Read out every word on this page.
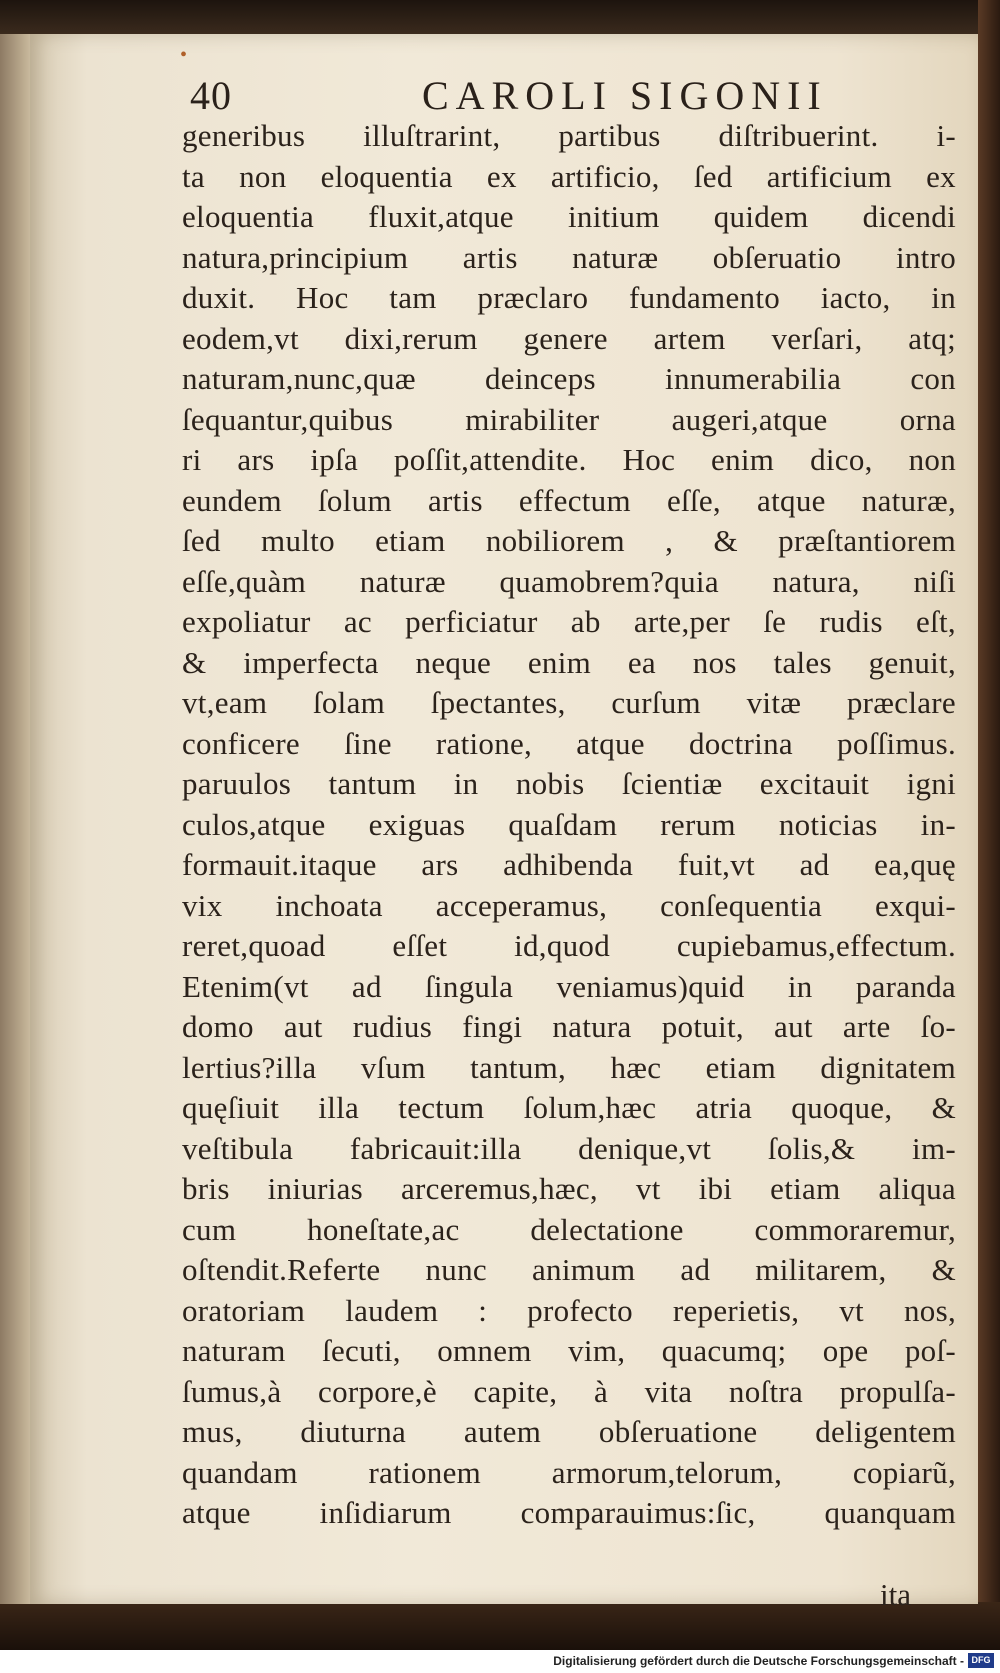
•
40	CAROLI SIGONII
generibus illuſtrarint, partibus diſtribuerint. i-
ta non eloquentia ex artificio, ſed artificium ex
eloquentia fluxit,atque initium quidem dicendi
natura,principium artis naturæ obſeruatio intro
duxit. Hoc tam præclaro fundamento iacto, in
eodem,vt dixi,rerum genere artem verſari, atq;
naturam,nunc,quæ deinceps innumerabilia con
ſequantur,quibus mirabiliter augeri,atque orna
ri ars ipſa poſſit,attendite. Hoc enim dico, non
eundem ſolum artis effectum eſſe, atque naturæ,
ſed multo etiam nobiliorem , & præſtantiorem
eſſe,quàm naturæ quamobrem?quia natura, niſi
expoliatur ac perficiatur ab arte,per ſe rudis eſt,
& imperfecta neque enim ea nos tales genuit,
vt,eam ſolam ſpectantes, curſum vitæ præclare
conficere ſine ratione, atque doctrina poſſimus.
paruulos tantum in nobis ſcientiæ excitauit igni
culos,atque exiguas quaſdam rerum noticias in-
formauit.itaque ars adhibenda fuit,vt ad ea,quę
vix inchoata acceperamus, conſequentia exqui-
reret,quoad eſſet id,quod cupiebamus,effectum.
Etenim(vt ad ſingula veniamus)quid in paranda
domo aut rudius fingi natura potuit, aut arte ſo-
lertius?illa vſum tantum, hæc etiam dignitatem
quęſiuit illa tectum ſolum,hæc atria quoque, &
veſtibula fabricauit:illa denique,vt ſolis,& im-
bris iniurias arceremus,hæc, vt ibi etiam aliqua
cum honeſtate,ac delectatione commoraremur,
oſtendit.Referte nunc animum ad militarem, &
oratoriam laudem : profecto reperietis, vt nos,
naturam ſecuti, omnem vim, quacumq; ope poſ-
ſumus,à corpore,è capite, à vita noſtra propulſa-
mus, diuturna autem obſeruatione deligentem
quandam rationem armorum,telorum, copiarũ,
atque inſidiarum comparauimus:ſic, quanquam
ita
Digitalisierung gefördert durch die Deutsche Forschungsgemeinschaft - DFG
